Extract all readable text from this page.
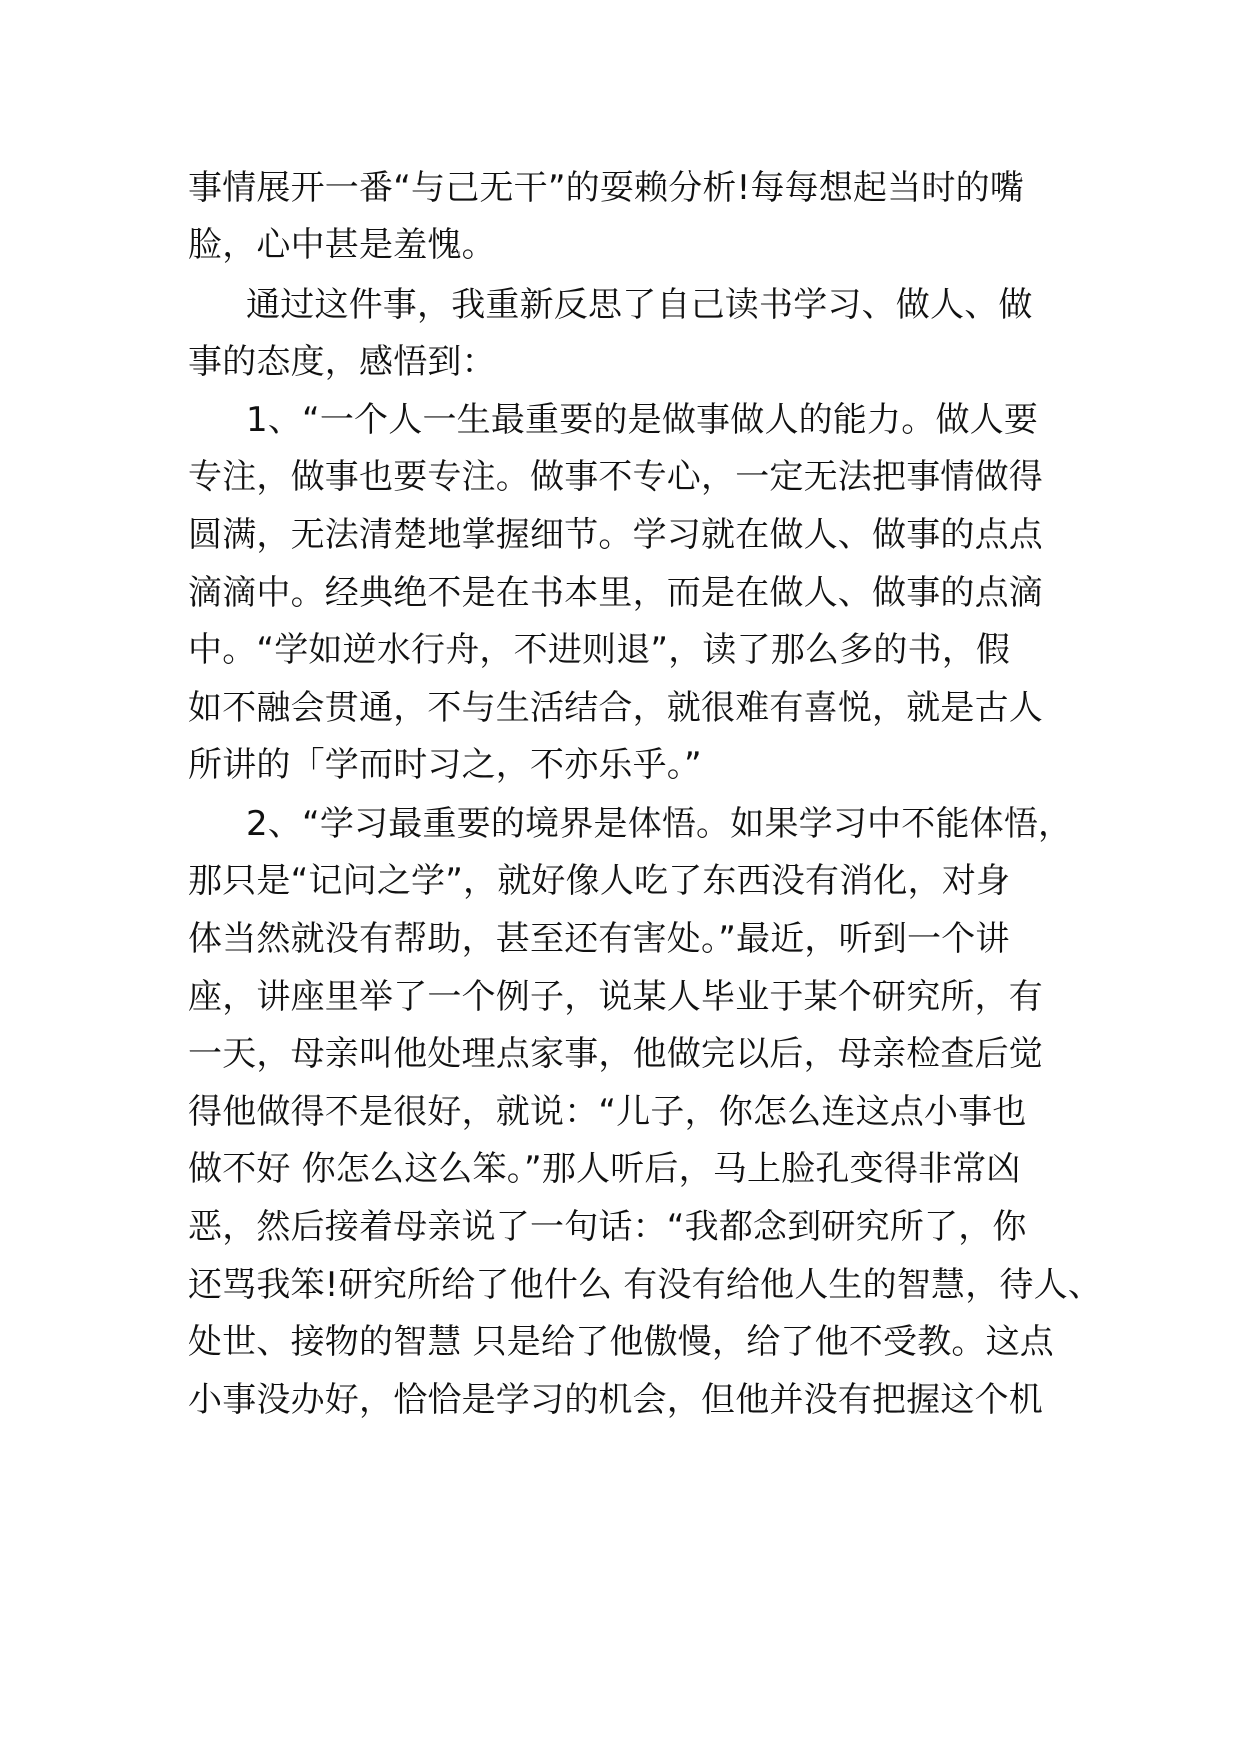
事情展开一番“与己无干”的耍赖分析!每每想起当时的嘴
脸，心中甚是羞愧。
通过这件事，我重新反思了自己读书学习、做人、做
事的态度，感悟到：
1、“一个人一生最重要的是做事做人的能力。做人要
专注，做事也要专注。做事不专心，一定无法把事情做得
圆满，无法清楚地掌握细节。学习就在做人、做事的点点
滴滴中。经典绝不是在书本里，而是在做人、做事的点滴
中。“学如逆水行舟，不进则退”，读了那么多的书，假
如不融会贯通，不与生活结合，就很难有喜悦，就是古人
所讲的「学而时习之，不亦乐乎。”
2、“学习最重要的境界是体悟。如果学习中不能体悟，
那只是“记问之学”，就好像人吃了东西没有消化，对身
体当然就没有帮助，甚至还有害处。”最近，听到一个讲
座，讲座里举了一个例子，说某人毕业于某个研究所，有
一天，母亲叫他处理点家事，他做完以后，母亲检查后觉
得他做得不是很好，就说：“儿子，你怎么连这点小事也
做不好 你怎么这么笨。”那人听后，马上脸孔变得非常凶
恶，然后接着母亲说了一句话：“我都念到研究所了，你
还骂我笨!研究所给了他什么 有没有给他人生的智慧，待人、
处世、接物的智慧 只是给了他傲慢，给了他不受教。这点
小事没办好，恰恰是学习的机会，但他并没有把握这个机
